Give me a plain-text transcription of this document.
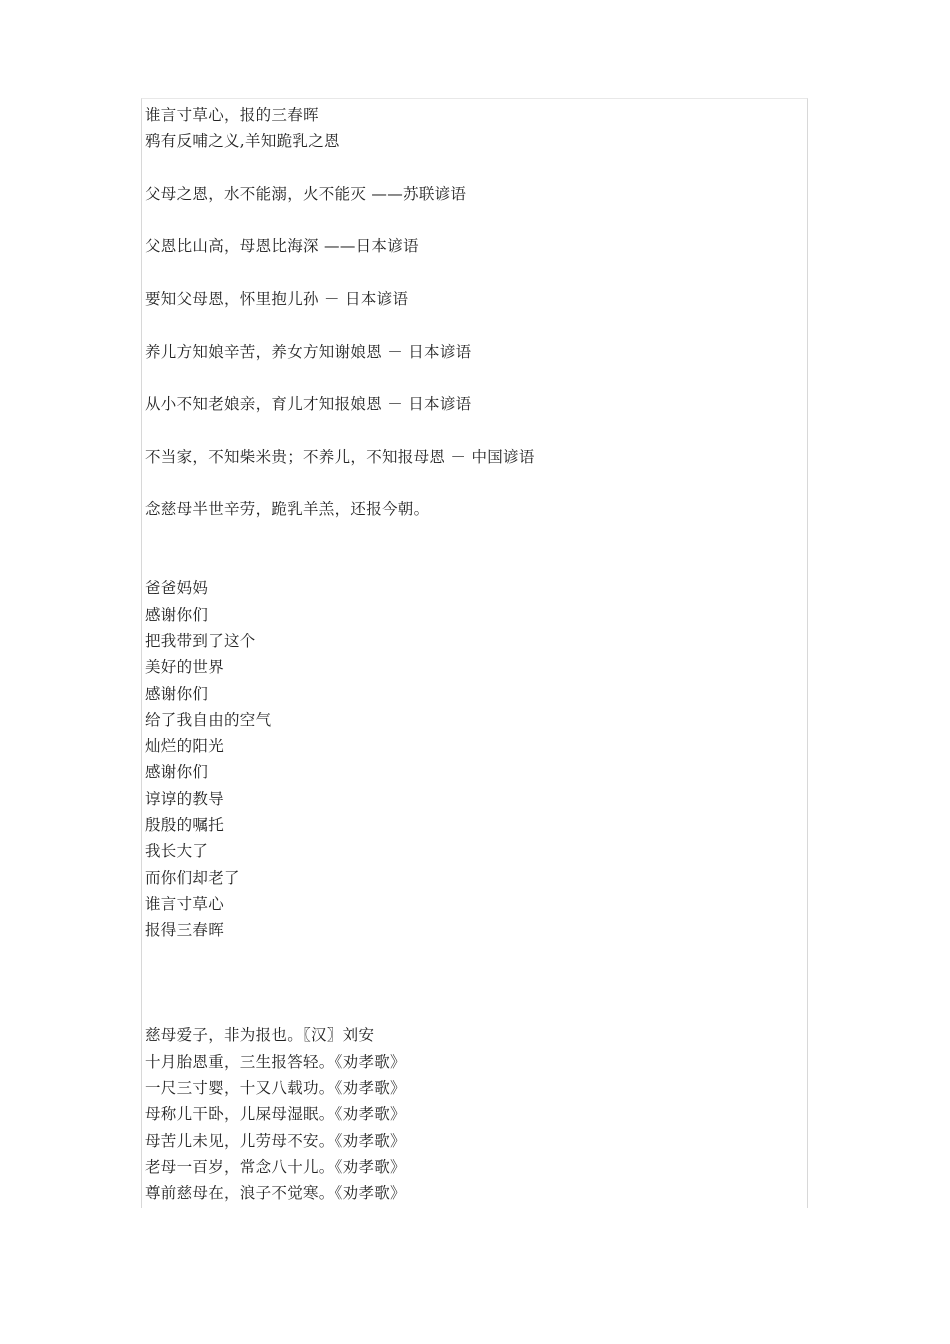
谁言寸草心，报的三春晖
鸦有反哺之义,羊知跪乳之恩
父母之恩，水不能溺，火不能灭 ——苏联谚语
父恩比山高，母恩比海深 ——日本谚语
要知父母恩，怀里抱儿孙 － 日本谚语
养儿方知娘辛苦，养女方知谢娘恩 － 日本谚语
从小不知老娘亲，育儿才知报娘恩 － 日本谚语
不当家，不知柴米贵；不养儿，不知报母恩 － 中国谚语
念慈母半世辛劳，跪乳羊羔，还报今朝。
爸爸妈妈
感谢你们
把我带到了这个
美好的世界
感谢你们
给了我自由的空气
灿烂的阳光
感谢你们
谆谆的教导
殷殷的嘱托
我长大了
而你们却老了
谁言寸草心
报得三春晖
慈母爱子，非为报也。〖汉〗刘安
十月胎恩重，三生报答轻。《劝孝歌》
一尺三寸婴，十又八载功。《劝孝歌》
母称儿干卧，儿屎母湿眠。《劝孝歌》
母苦儿未见，儿劳母不安。《劝孝歌》
老母一百岁，常念八十儿。《劝孝歌》
尊前慈母在，浪子不觉寒。《劝孝歌》
